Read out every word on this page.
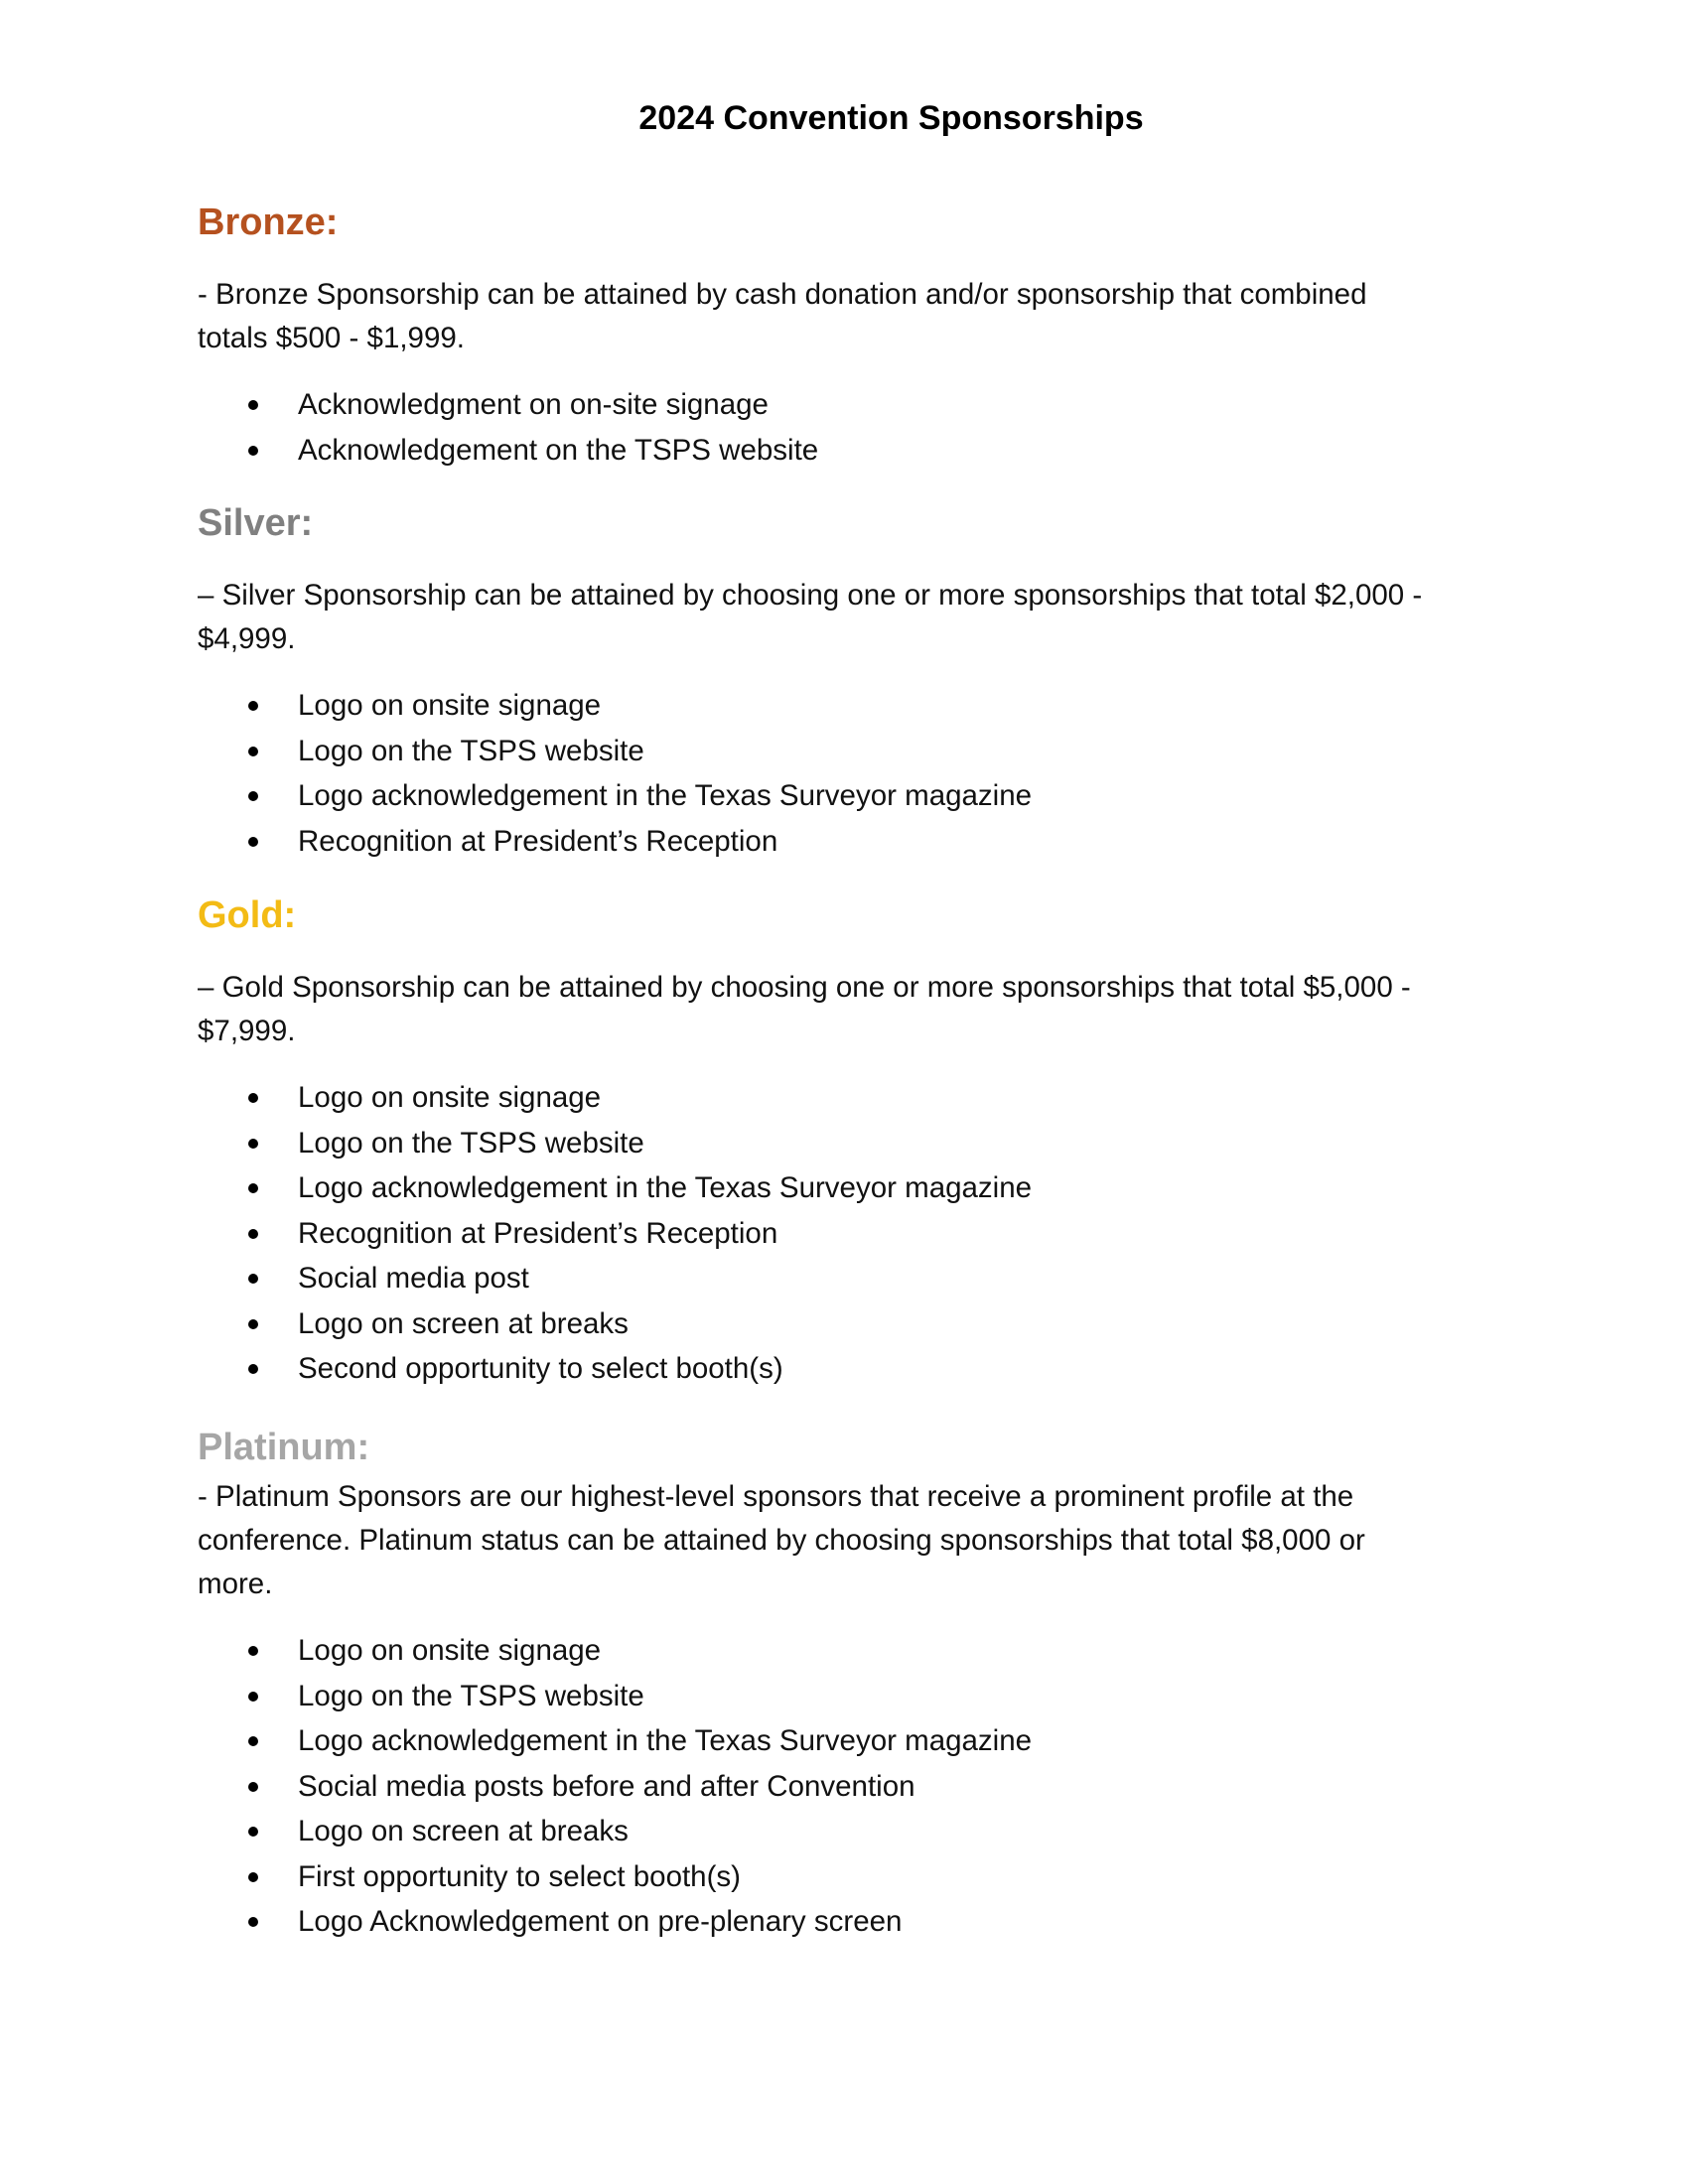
2024 Convention Sponsorships
Bronze:

- Bronze Sponsorship can be attained by cash donation and/or sponsorship that combined totals $500 - $1,999.

Acknowledgment on on-site signage
Acknowledgement on the TSPS website
Silver:

– Silver Sponsorship can be attained by choosing one or more sponsorships that total $2,000 - $4,999.

Logo on onsite signage
Logo on the TSPS website
Logo acknowledgement in the Texas Surveyor magazine
Recognition at President’s Reception
Gold:

– Gold Sponsorship can be attained by choosing one or more sponsorships that total $5,000 - $7,999.

Logo on onsite signage
Logo on the TSPS website
Logo acknowledgement in the Texas Surveyor magazine
Recognition at President’s Reception
Social media post
Logo on screen at breaks
Second opportunity to select booth(s)
Platinum:

- Platinum Sponsors are our highest-level sponsors that receive a prominent profile at the conference. Platinum status can be attained by choosing sponsorships that total $8,000 or more.

Logo on onsite signage
Logo on the TSPS website
Logo acknowledgement in the Texas Surveyor magazine
Social media posts before and after Convention
Logo on screen at breaks
First opportunity to select booth(s)
Logo Acknowledgement on pre-plenary screen
